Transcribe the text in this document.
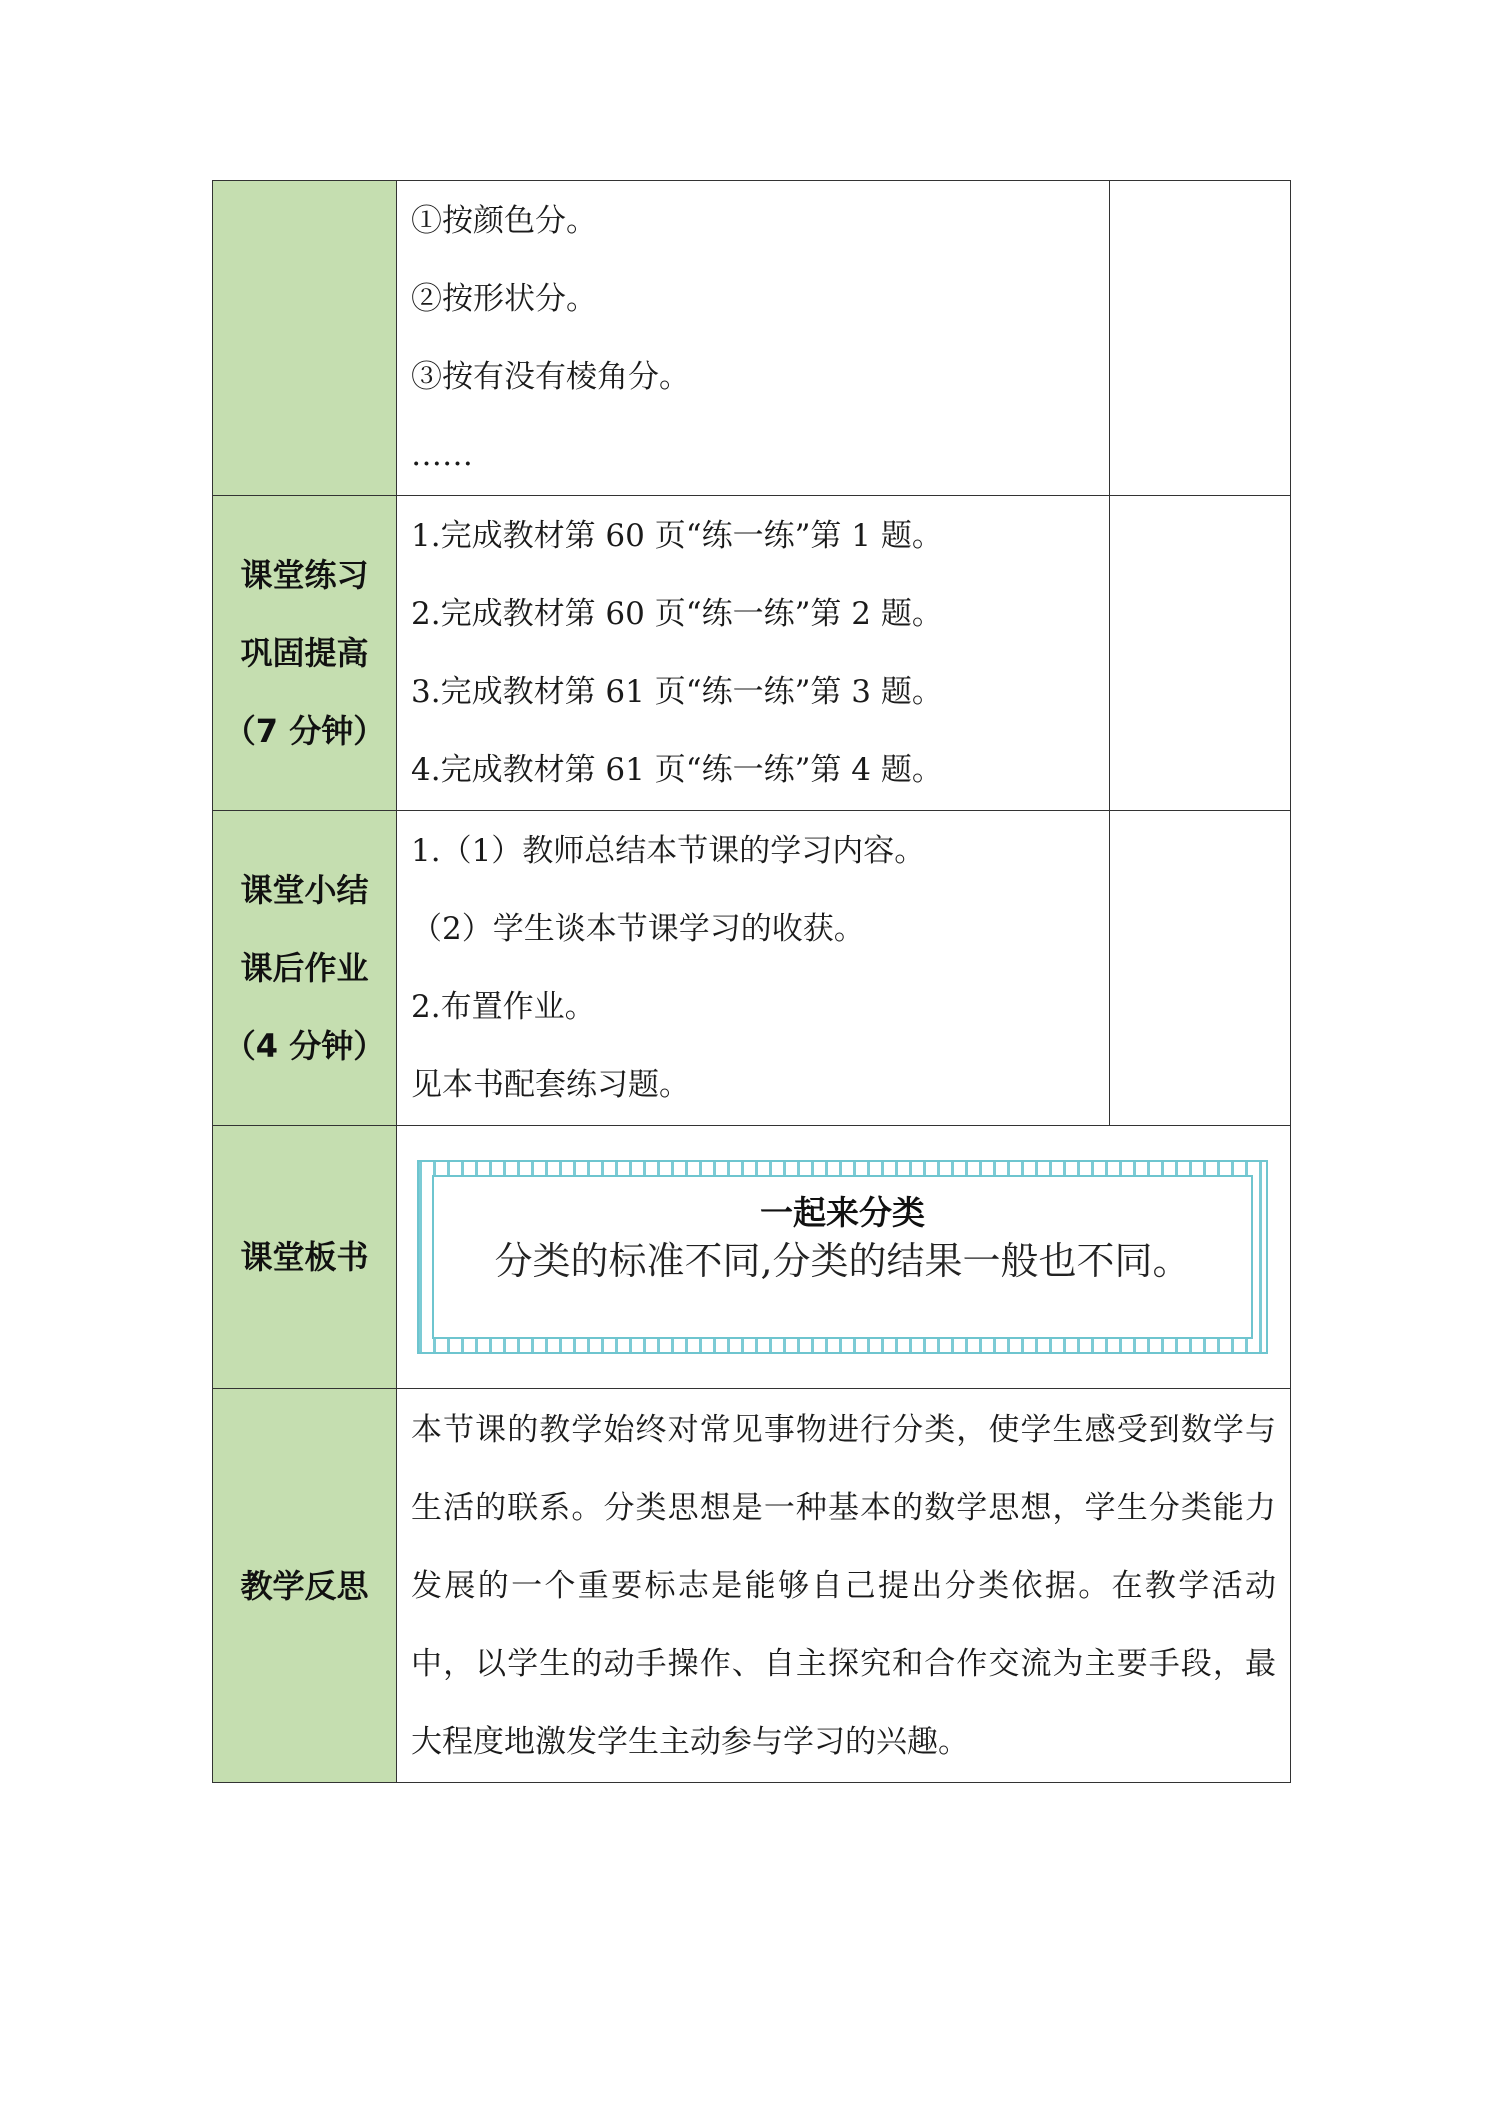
	①按颜色分。
②按形状分。
③按有没有棱角分。
……	

课堂练习
巩固提高
（7 分钟）	1.完成教材第 60 页“练一练”第 1 题。
2.完成教材第 60 页“练一练”第 2 题。
3.完成教材第 61 页“练一练”第 3 题。
4.完成教材第 61 页“练一练”第 4 题。	

课堂小结
课后作业
（4 分钟）	1.（1）教师总结本节课的学习内容。
（2）学生谈本节课学习的收获。
2.布置作业。
见本书配套练习题。	

课堂板书	一起来分类
分类的标准不同,分类的结果一般也不同。	

教学反思	本节课的教学始终对常见事物进行分类，使学生感受到数学与生活的联系。分类思想是一种基本的数学思想，学生分类能力发展的一个重要标志是能够自己提出分类依据。在教学活动中，以学生的动手操作、自主探究和合作交流为主要手段，最大程度地激发学生主动参与学习的兴趣。	
